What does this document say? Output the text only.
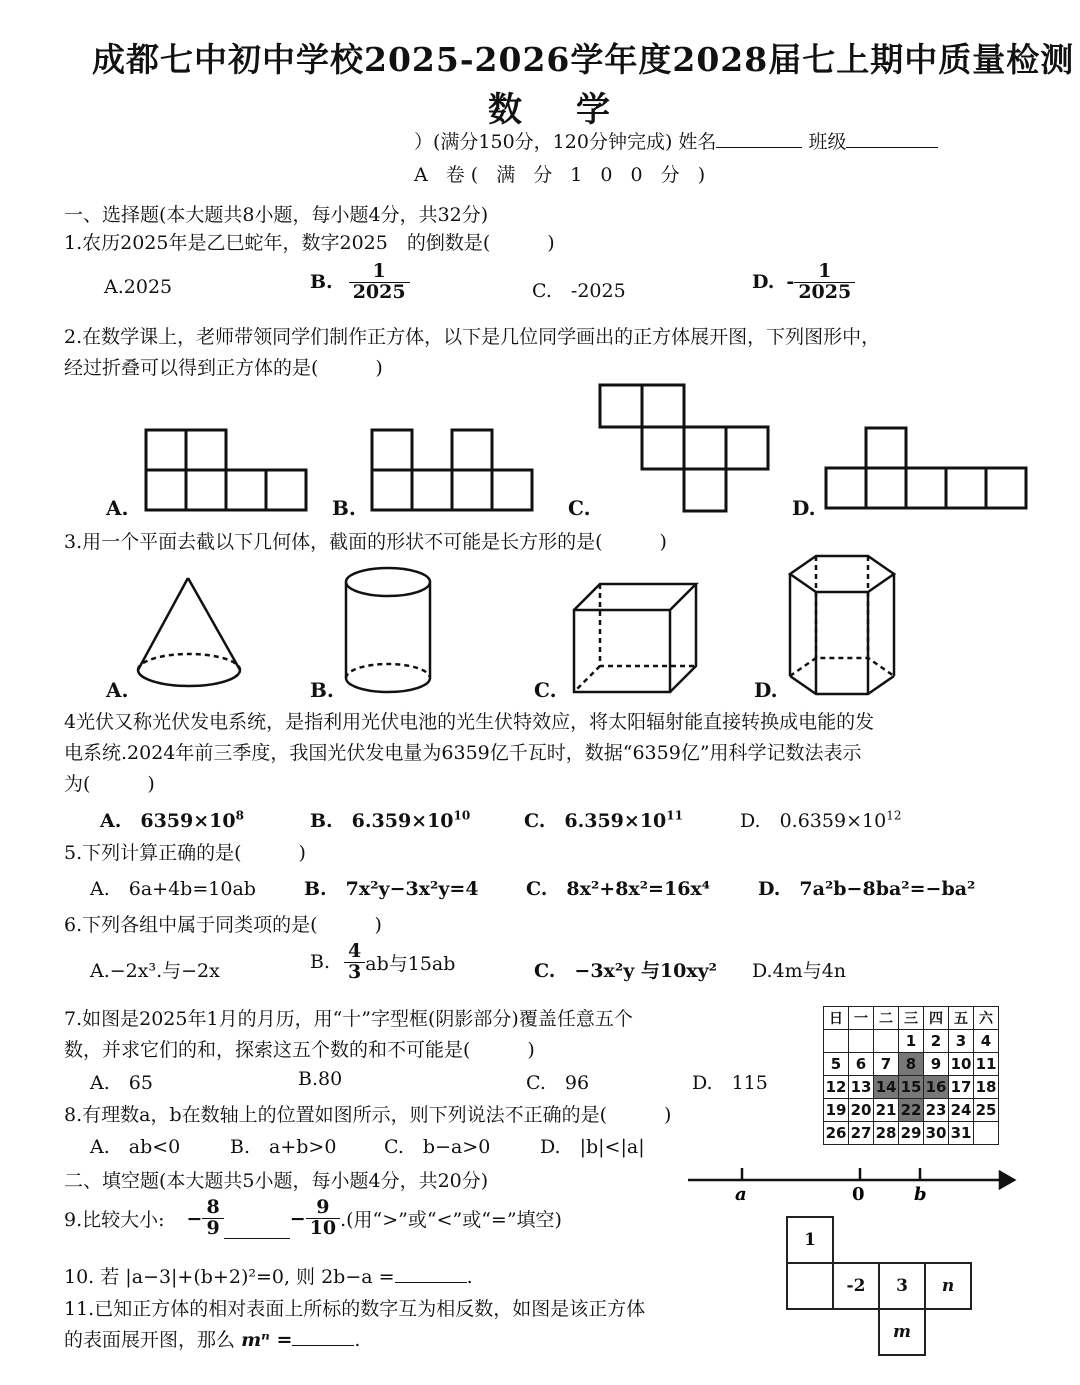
成都七中初中学校2025-2026学年度2028届七上期中质量检测
数学
）(满分150分，120分钟完成) 姓名	班级
A 卷( 满 分 1 0 0 分 )
一、选择题(本大题共8小题，每小题4分，共32分)
1.农历2025年是乙巳蛇年，数字2025　的倒数是(　　　)
A.2025	B. $\frac{1}{2025}$	C.　-2025	D. - $\frac{1}{2025}$
2.在数学课上，老师带领同学们制作正方体，以下是几位同学画出的正方体展开图，下列图形中，
经过折叠可以得到正方体的是(　　　)
a	0	b
A.	B.	C.	D.
3.用一个平面去截以下几何体，截面的形状不可能是长方形的是(　　　)
A.	B.	C.	D.
4光伏又称光伏发电系统，是指利用光伏电池的光生伏特效应，将太阳辐射能直接转换成电能的发
电系统.2024年前三季度，我国光伏发电量为6359亿千瓦时，数据“6359亿”用科学记数法表示
为(　　　)
A.　$6359\times 10^8$	B.　$6.359\times 10^{10}$	C.　$6.359\times 10^{11}$	D.　$0.6359\times 10^{12}$
5.下列计算正确的是(　　　)
A.　6a+4b=10ab	B.　7x²y−3x²y=4 C.　8x²+8x²=16x⁴	D.　7a²b−8ba²=−ba²
6.下列各组中属于同类项的是(　　　)
A.−2x³.与−2x	B. $\frac{4}{3}$ ab与15ab	C.　−3x²y 与10xy² D.4m与4n
7.如图是2025年1月的月历，用“十”字型框(阴影部分)覆盖任意五个
数，并求它们的和，探索这五个数的和不可能是(　　　)
A.　65	B.80	C.　96	D.　115
日	一	二	三	四	五	六
			1	2	3	4
5	6	7	8	9	10	11
12	13	14	15	16	17	18
19	20	21	22	23	24	25
26	27	28	29	30	31	
8.有理数a，b在数轴上的位置如图所示，则下列说法不正确的是(　　　)
A.　ab<0	B.　a+b>0	C.　b−a>0	D.　|b|<|a|
二、填空题(本大题共5小题，每小题4分，共20分)
9.比较大小: − $\frac{8}{9}$	− $\frac{9}{10}$ .(用“>”或“<”或“=”填空)
10. 若 |a−3|+(b+2)²=0, 则 2b−a =	.
11.已知正方体的相对表面上所标的数字互为相反数，如图是该正方体
的表面展开图，那么 mⁿ =	.
1			
	-2	3	n
		m	
